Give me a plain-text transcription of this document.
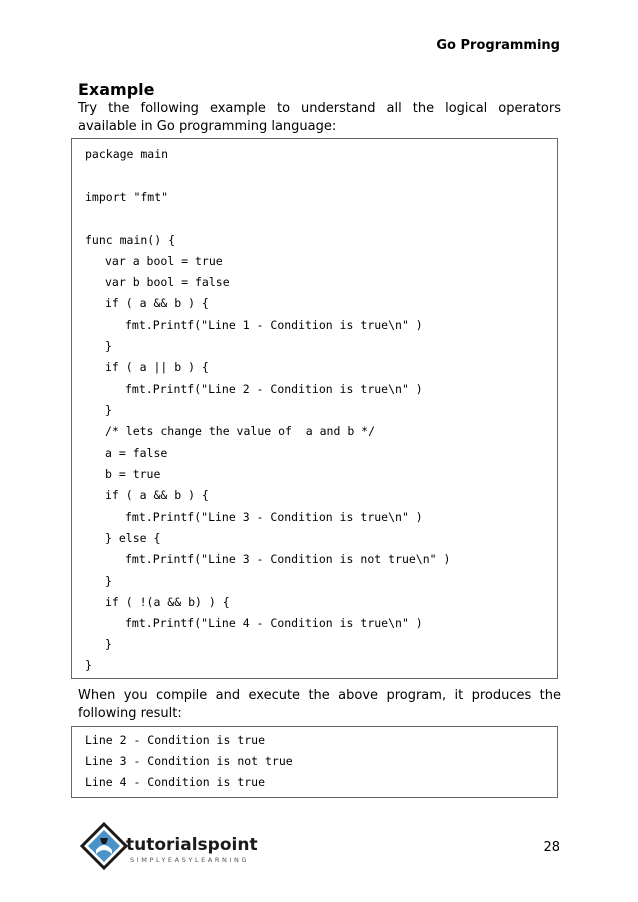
Go Programming
Example
Try the following example to understand all the logical operators available in Go programming language:
package main
import "fmt"
func main() {
var a bool = true
var b bool = false
if ( a && b ) {
fmt.Printf("Line 1 - Condition is true\n" )
}
if ( a || b ) {
fmt.Printf("Line 2 - Condition is true\n" )
}
/* lets change the value of  a and b */
a = false
b = true
if ( a && b ) {
fmt.Printf("Line 3 - Condition is true\n" )
} else {
fmt.Printf("Line 3 - Condition is not true\n" )
}
if ( !(a && b) ) {
fmt.Printf("Line 4 - Condition is true\n" )
}
}
When you compile and execute the above program, it produces the following result:
Line 2 - Condition is true
Line 3 - Condition is not true
Line 4 - Condition is true
tutorialspoint
SIMPLYEASYLEARNING
28
